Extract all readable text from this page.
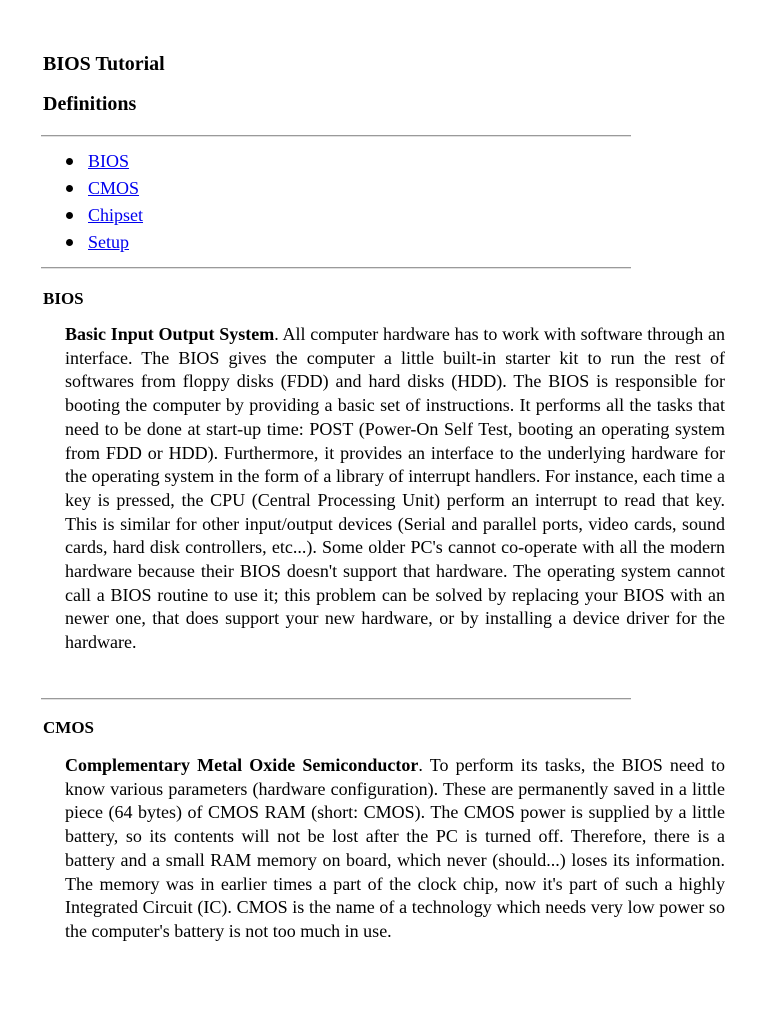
BIOS Tutorial
Definitions
BIOS
CMOS
Chipset
Setup
BIOS

Basic Input Output System. All computer hardware has to work with software through an interface. The BIOS gives the computer a little built-in starter kit to run the rest of softwares from floppy disks (FDD) and hard disks (HDD). The BIOS is responsible for booting the computer by providing a basic set of instructions. It performs all the tasks that need to be done at start-up time: POST (Power-On Self Test, booting an operating system from FDD or HDD). Furthermore, it provides an interface to the underlying hardware for the operating system in the form of a library of interrupt handlers. For instance, each time a key is pressed, the CPU (Central Processing Unit) perform an interrupt to read that key. This is similar for other input/output devices (Serial and parallel ports, video cards, sound cards, hard disk controllers, etc...). Some older PC's cannot co-operate with all the modern hardware because their BIOS doesn't support that hardware. The operating system cannot call a BIOS routine to use it; this problem can be solved by replacing your BIOS with an newer one, that does support your new hardware, or by installing a device driver for the hardware.

CMOS

Complementary Metal Oxide Semiconductor. To perform its tasks, the BIOS need to know various parameters (hardware configuration). These are permanently saved in a little piece (64 bytes) of CMOS RAM (short: CMOS). The CMOS power is supplied by a little battery, so its contents will not be lost after the PC is turned off. Therefore, there is a battery and a small RAM memory on board, which never (should...) loses its information. The memory was in earlier times a part of the clock chip, now it's part of such a highly Integrated Circuit (IC). CMOS is the name of a technology which needs very low power so the computer's battery is not too much in use.
